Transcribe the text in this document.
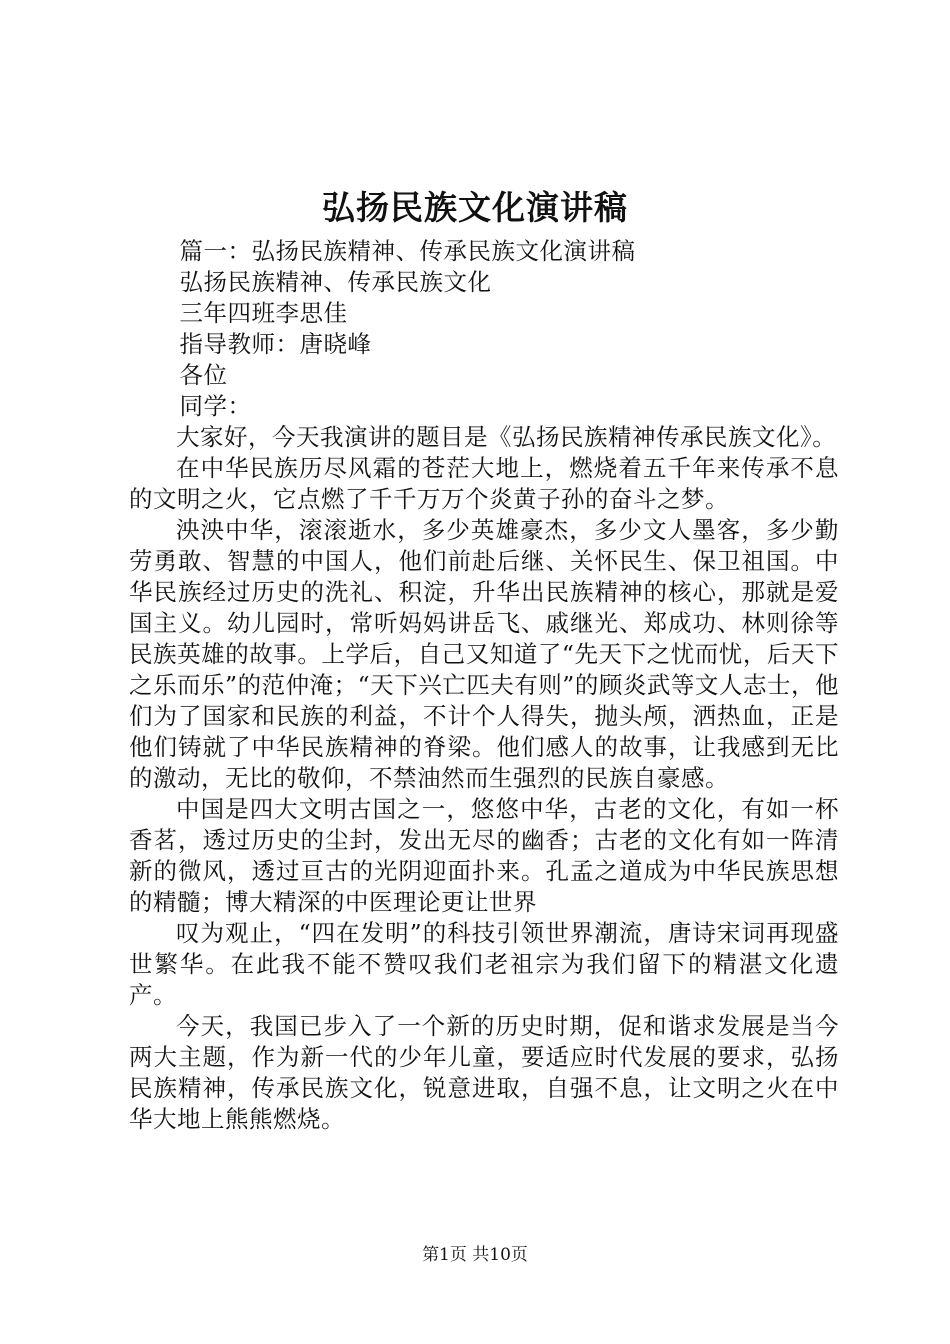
弘扬民族文化演讲稿

篇一：弘扬民族精神、传承民族文化演讲稿

弘扬民族精神、传承民族文化

三年四班李思佳

指导教师：唐晓峰

各位

同学：

大家好，今天我演讲的题目是《弘扬民族精神传承民族文化》。

在中华民族历尽风霜的苍茫大地上，燃烧着五千年来传承不息的文明之火，它点燃了千千万万个炎黄子孙的奋斗之梦。

泱泱中华，滚滚逝水，多少英雄豪杰，多少文人墨客，多少勤劳勇敢、智慧的中国人，他们前赴后继、关怀民生、保卫祖国。中华民族经过历史的洗礼、积淀，升华出民族精神的核心，那就是爱国主义。幼儿园时，常听妈妈讲岳飞、戚继光、郑成功、林则徐等民族英雄的故事。上学后，自己又知道了“先天下之忧而忧，后天下之乐而乐”的范仲淹；“天下兴亡匹夫有则”的顾炎武等文人志士，他们为了国家和民族的利益，不计个人得失，抛头颅，洒热血，正是他们铸就了中华民族精神的脊梁。他们感人的故事，让我感到无比的激动，无比的敬仰，不禁油然而生强烈的民族自豪感。

中国是四大文明古国之一，悠悠中华，古老的文化，有如一杯香茗，透过历史的尘封，发出无尽的幽香；古老的文化有如一阵清新的微风，透过亘古的光阴迎面扑来。孔孟之道成为中华民族思想的精髓；博大精深的中医理论更让世界

叹为观止，“四在发明”的科技引领世界潮流，唐诗宋词再现盛世繁华。在此我不能不赞叹我们老祖宗为我们留下的精湛文化遗产。

今天，我国已步入了一个新的历史时期，促和谐求发展是当今两大主题，作为新一代的少年儿童，要适应时代发展的要求，弘扬民族精神，传承民族文化，锐意进取，自强不息，让文明之火在中华大地上熊熊燃烧。

第1页 共10页
